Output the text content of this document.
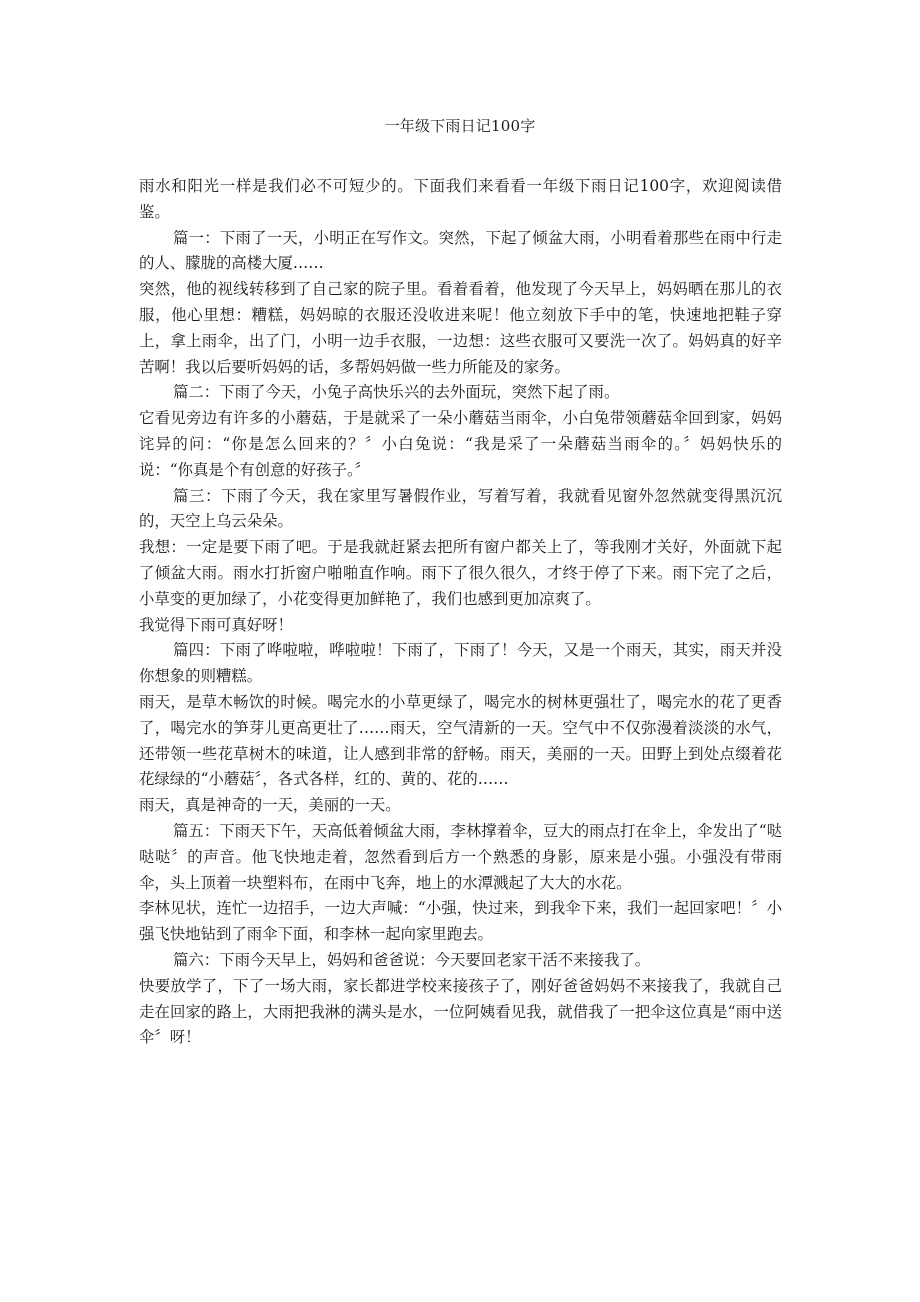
一年级下雨日记100字

雨水和阳光一样是我们必不可短少的。下面我们来看看一年级下雨日记100字，欢迎阅读借鉴。

篇一：下雨了一天，小明正在写作文。突然，下起了倾盆大雨，小明看着那些在雨中行走的人、朦胧的高楼大厦……

突然，他的视线转移到了自己家的院子里。看着看着，他发现了今天早上，妈妈晒在那儿的衣服，他心里想：糟糕，妈妈晾的衣服还没收进来呢！他立刻放下手中的笔，快速地把鞋子穿上，拿上雨伞，出了门，小明一边手衣服，一边想：这些衣服可又要洗一次了。妈妈真的好辛苦啊！我以后要听妈妈的话，多帮妈妈做一些力所能及的家务。

篇二：下雨了今天，小兔子高快乐兴的去外面玩，突然下起了雨。

它看见旁边有许多的小蘑菇，于是就采了一朵小蘑菇当雨伞，小白兔带领蘑菇伞回到家，妈妈诧异的问：“你是怎么回来的？〞小白兔说：“我是采了一朵蘑菇当雨伞的。〞妈妈快乐的说：“你真是个有创意的好孩子。〞

篇三：下雨了今天，我在家里写暑假作业，写着写着，我就看见窗外忽然就变得黑沉沉的，天空上乌云朵朵。

我想：一定是要下雨了吧。于是我就赶紧去把所有窗户都关上了，等我刚才关好，外面就下起了倾盆大雨。雨水打折窗户啪啪直作响。雨下了很久很久，才终于停了下来。雨下完了之后，小草变的更加绿了，小花变得更加鲜艳了，我们也感到更加凉爽了。

我觉得下雨可真好呀！

篇四：下雨了哗啦啦，哗啦啦！下雨了，下雨了！今天，又是一个雨天，其实，雨天并没你想象的则糟糕。

雨天，是草木畅饮的时候。喝完水的小草更绿了，喝完水的树林更强壮了，喝完水的花了更香了，喝完水的笋芽儿更高更壮了……雨天，空气清新的一天。空气中不仅弥漫着淡淡的水气，还带领一些花草树木的味道，让人感到非常的舒畅。雨天，美丽的一天。田野上到处点缀着花花绿绿的“小蘑菇〞，各式各样，红的、黄的、花的……

雨天，真是神奇的一天，美丽的一天。

篇五：下雨天下午，天高低着倾盆大雨，李林撑着伞，豆大的雨点打在伞上，伞发出了“哒哒哒〞的声音。他飞快地走着，忽然看到后方一个熟悉的身影，原来是小强。小强没有带雨伞，头上顶着一块塑料布，在雨中飞奔，地上的水潭溅起了大大的水花。

李林见状，连忙一边招手，一边大声喊：“小强，快过来，到我伞下来，我们一起回家吧！〞小强飞快地钻到了雨伞下面，和李林一起向家里跑去。

篇六：下雨今天早上，妈妈和爸爸说：今天要回老家干活不来接我了。

快要放学了，下了一场大雨，家长都进学校来接孩子了，刚好爸爸妈妈不来接我了，我就自己走在回家的路上，大雨把我淋的满头是水，一位阿姨看见我，就借我了一把伞这位真是“雨中送伞〞呀！
